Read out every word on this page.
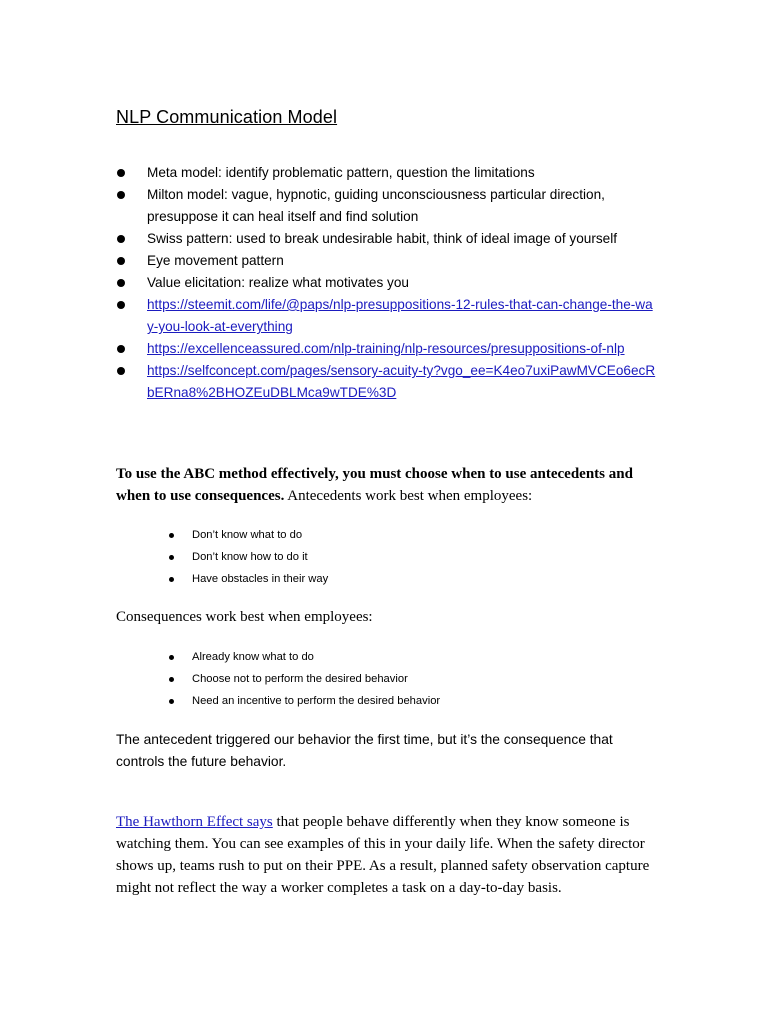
NLP Communication Model
Meta model: identify problematic pattern, question the limitations
Milton model: vague, hypnotic, guiding unconsciousness particular direction, presuppose it can heal itself and find solution
Swiss pattern: used to break undesirable habit, think of ideal image of yourself
Eye movement pattern
Value elicitation: realize what motivates you
https://steemit.com/life/@paps/nlp-presuppositions-12-rules-that-can-change-the-way-you-look-at-everything
https://excellenceassured.com/nlp-training/nlp-resources/presuppositions-of-nlp
https://selfconcept.com/pages/sensory-acuity-ty?vgo_ee=K4eo7uxiPawMVCEo6ecRbERna8%2BHOZEuDBLMca9wTDE%3D

To use the ABC method effectively, you must choose when to use antecedents and when to use consequences. Antecedents work best when employees:

Don’t know what to do
Don’t know how to do it
Have obstacles in their way

Consequences work best when employees:

Already know what to do
Choose not to perform the desired behavior
Need an incentive to perform the desired behavior

The antecedent triggered our behavior the first time, but it’s the consequence that controls the future behavior.

The Hawthorn Effect says that people behave differently when they know someone is watching them. You can see examples of this in your daily life. When the safety director shows up, teams rush to put on their PPE. As a result, planned safety observation capture might not reflect the way a worker completes a task on a day-to-day basis.
